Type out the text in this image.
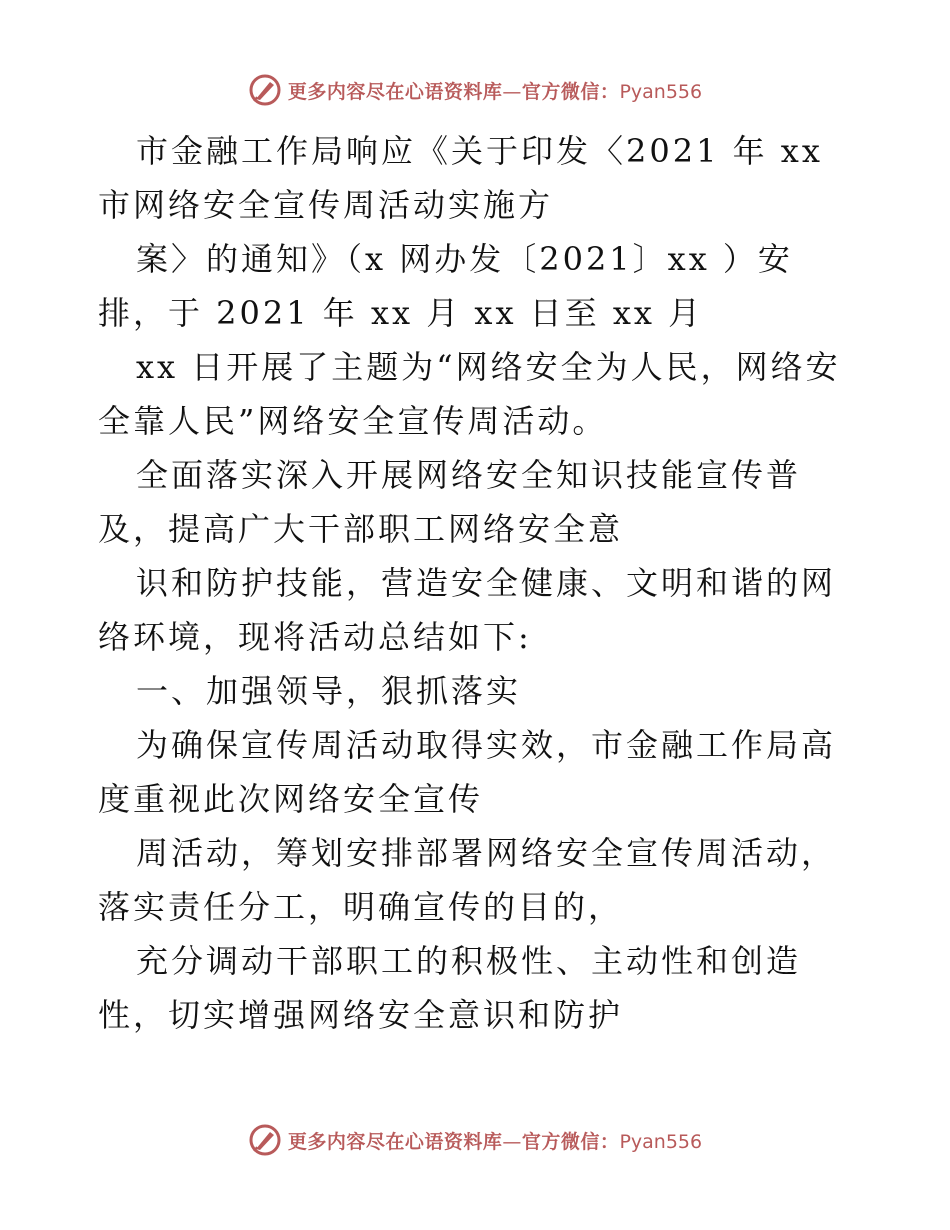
更多内容尽在心语资料库—官方微信：Pyan556

市金融工作局响应《关于印发〈2021 年 xx 市网络安全宣传周活动实施方

案〉的通知》（x 网办发〔2021〕xx ）安排，于 2021 年 xx 月 xx 日至 xx 月

xx 日开展了主题为“网络安全为人民，网络安全靠人民”网络安全宣传周活动。

全面落实深入开展网络安全知识技能宣传普及，提高广大干部职工网络安全意

识和防护技能，营造安全健康、文明和谐的网络环境，现将活动总结如下:

一、加强领导，狠抓落实

为确保宣传周活动取得实效，市金融工作局高度重视此次网络安全宣传

周活动，筹划安排部署网络安全宣传周活动，落实责任分工，明确宣传的目的，

充分调动干部职工的积极性、主动性和创造性，切实增强网络安全意识和防护

更多内容尽在心语资料库—官方微信：Pyan556
